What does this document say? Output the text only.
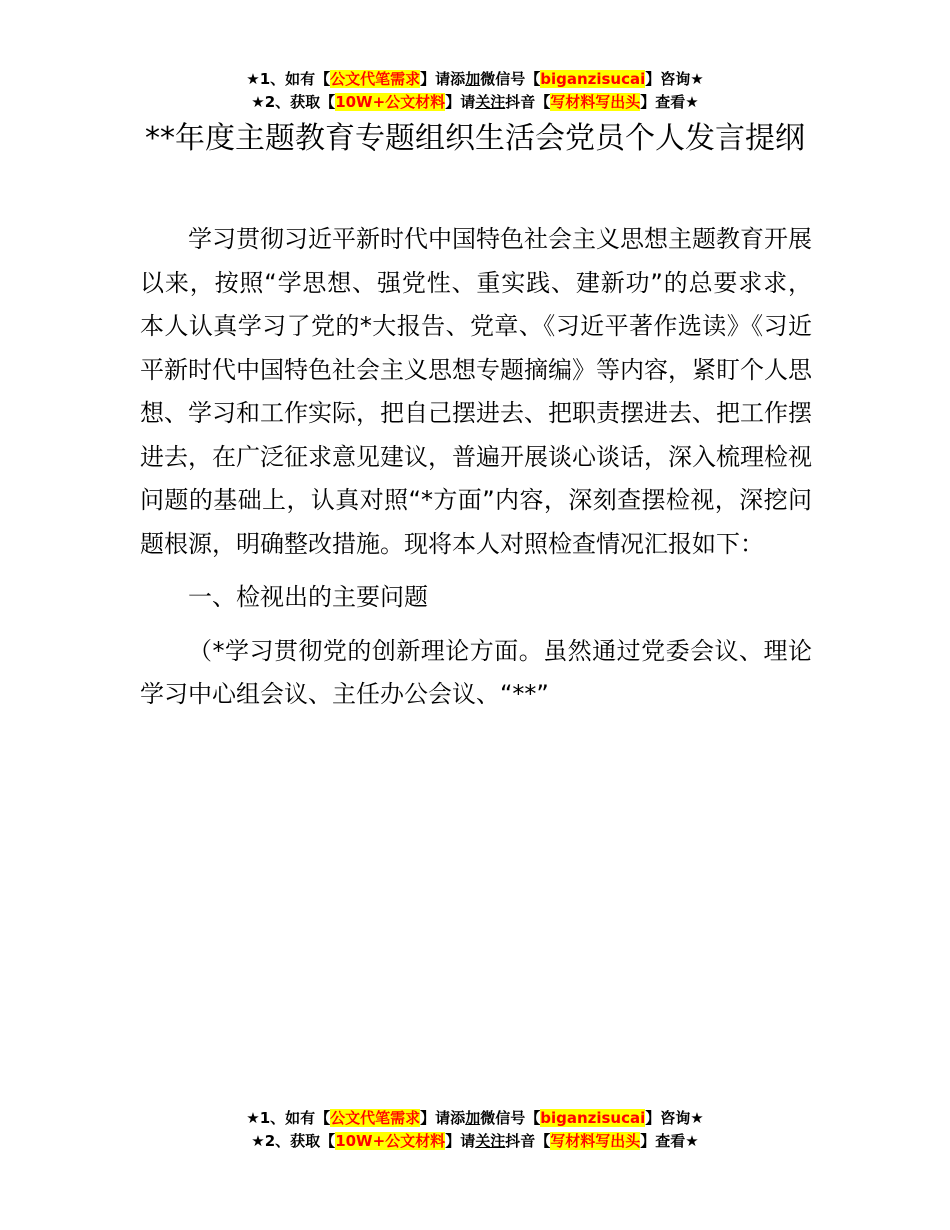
★1、如有【公文代笔需求】请添加微信号【biganzisucai】咨询★
★2、获取【10W+公文材料】请关注抖音【写材料写出头】查看★
**年度主题教育专题组织生活会党员个人发言提纲

学习贯彻习近平新时代中国特色社会主义思想主题教育开展以来，按照“学思想、强党性、重实践、建新功”的总要求求，本人认真学习了党的*大报告、党章、《习近平著作选读》《习近平新时代中国特色社会主义思想专题摘编》等内容，紧盯个人思想、学习和工作实际，把自己摆进去、把职责摆进去、把工作摆进去，在广泛征求意见建议，普遍开展谈心谈话，深入梳理检视问题的基础上，认真对照“*方面”内容，深刻查摆检视，深挖问题根源，明确整改措施。现将本人对照检查情况汇报如下：

一、检视出的主要问题

（*学习贯彻党的创新理论方面。虽然通过党委会议、理论学习中心组会议、主任办公会议、“**”

★1、如有【公文代笔需求】请添加微信号【biganzisucai】咨询★
★2、获取【10W+公文材料】请关注抖音【写材料写出头】查看★
